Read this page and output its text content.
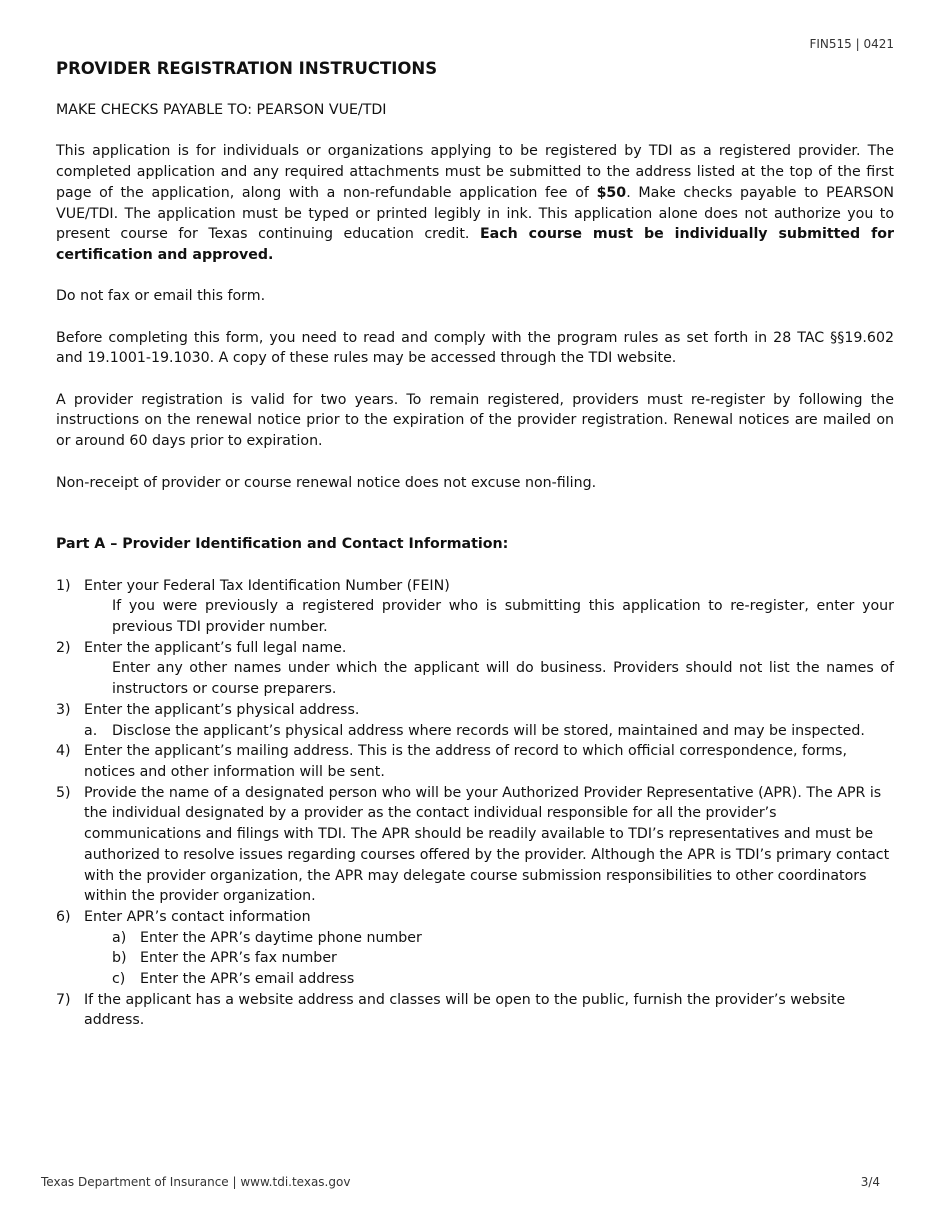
FIN515 | 0421
PROVIDER REGISTRATION INSTRUCTIONS

MAKE CHECKS PAYABLE TO: PEARSON VUE/TDI

This application is for individuals or organizations applying to be registered by TDI as a registered provider. The completed application and any required attachments must be submitted to the address listed at the top of the first page of the application, along with a non-refundable application fee of $50. Make checks payable to PEARSON VUE/TDI. The application must be typed or printed legibly in ink. This application alone does not authorize you to present course for Texas continuing education credit. Each course must be individually submitted for certification and approved.

Do not fax or email this form.

Before completing this form, you need to read and comply with the program rules as set forth in 28 TAC §§19.602 and 19.1001-19.1030. A copy of these rules may be accessed through the TDI website.

A provider registration is valid for two years. To remain registered, providers must re-register by following the instructions on the renewal notice prior to the expiration of the provider registration. Renewal notices are mailed on or around 60 days prior to expiration.

Non-receipt of provider or course renewal notice does not excuse non-filing.

Part A – Provider Identification and Contact Information:
1) Enter your Federal Tax Identification Number (FEIN)
If you were previously a registered provider who is submitting this application to re-register, enter your previous TDI provider number.
2) Enter the applicant’s full legal name.
Enter any other names under which the applicant will do business. Providers should not list the names of instructors or course preparers.
3) Enter the applicant’s physical address.
a. Disclose the applicant’s physical address where records will be stored, maintained and may be inspected.
4) Enter the applicant’s mailing address. This is the address of record to which official correspondence, forms, notices and other information will be sent.
5) Provide the name of a designated person who will be your Authorized Provider Representative (APR). The APR is the individual designated by a provider as the contact individual responsible for all the provider’s communications and filings with TDI. The APR should be readily available to TDI’s representatives and must be authorized to resolve issues regarding courses offered by the provider. Although the APR is TDI’s primary contact with the provider organization, the APR may delegate course submission responsibilities to other coordinators within the provider organization.
6) Enter APR’s contact information
a) Enter the APR’s daytime phone number
b) Enter the APR’s fax number
c) Enter the APR’s email address
7) If the applicant has a website address and classes will be open to the public, furnish the provider’s website address.
Texas Department of Insurance | www.tdi.texas.gov	3/4
